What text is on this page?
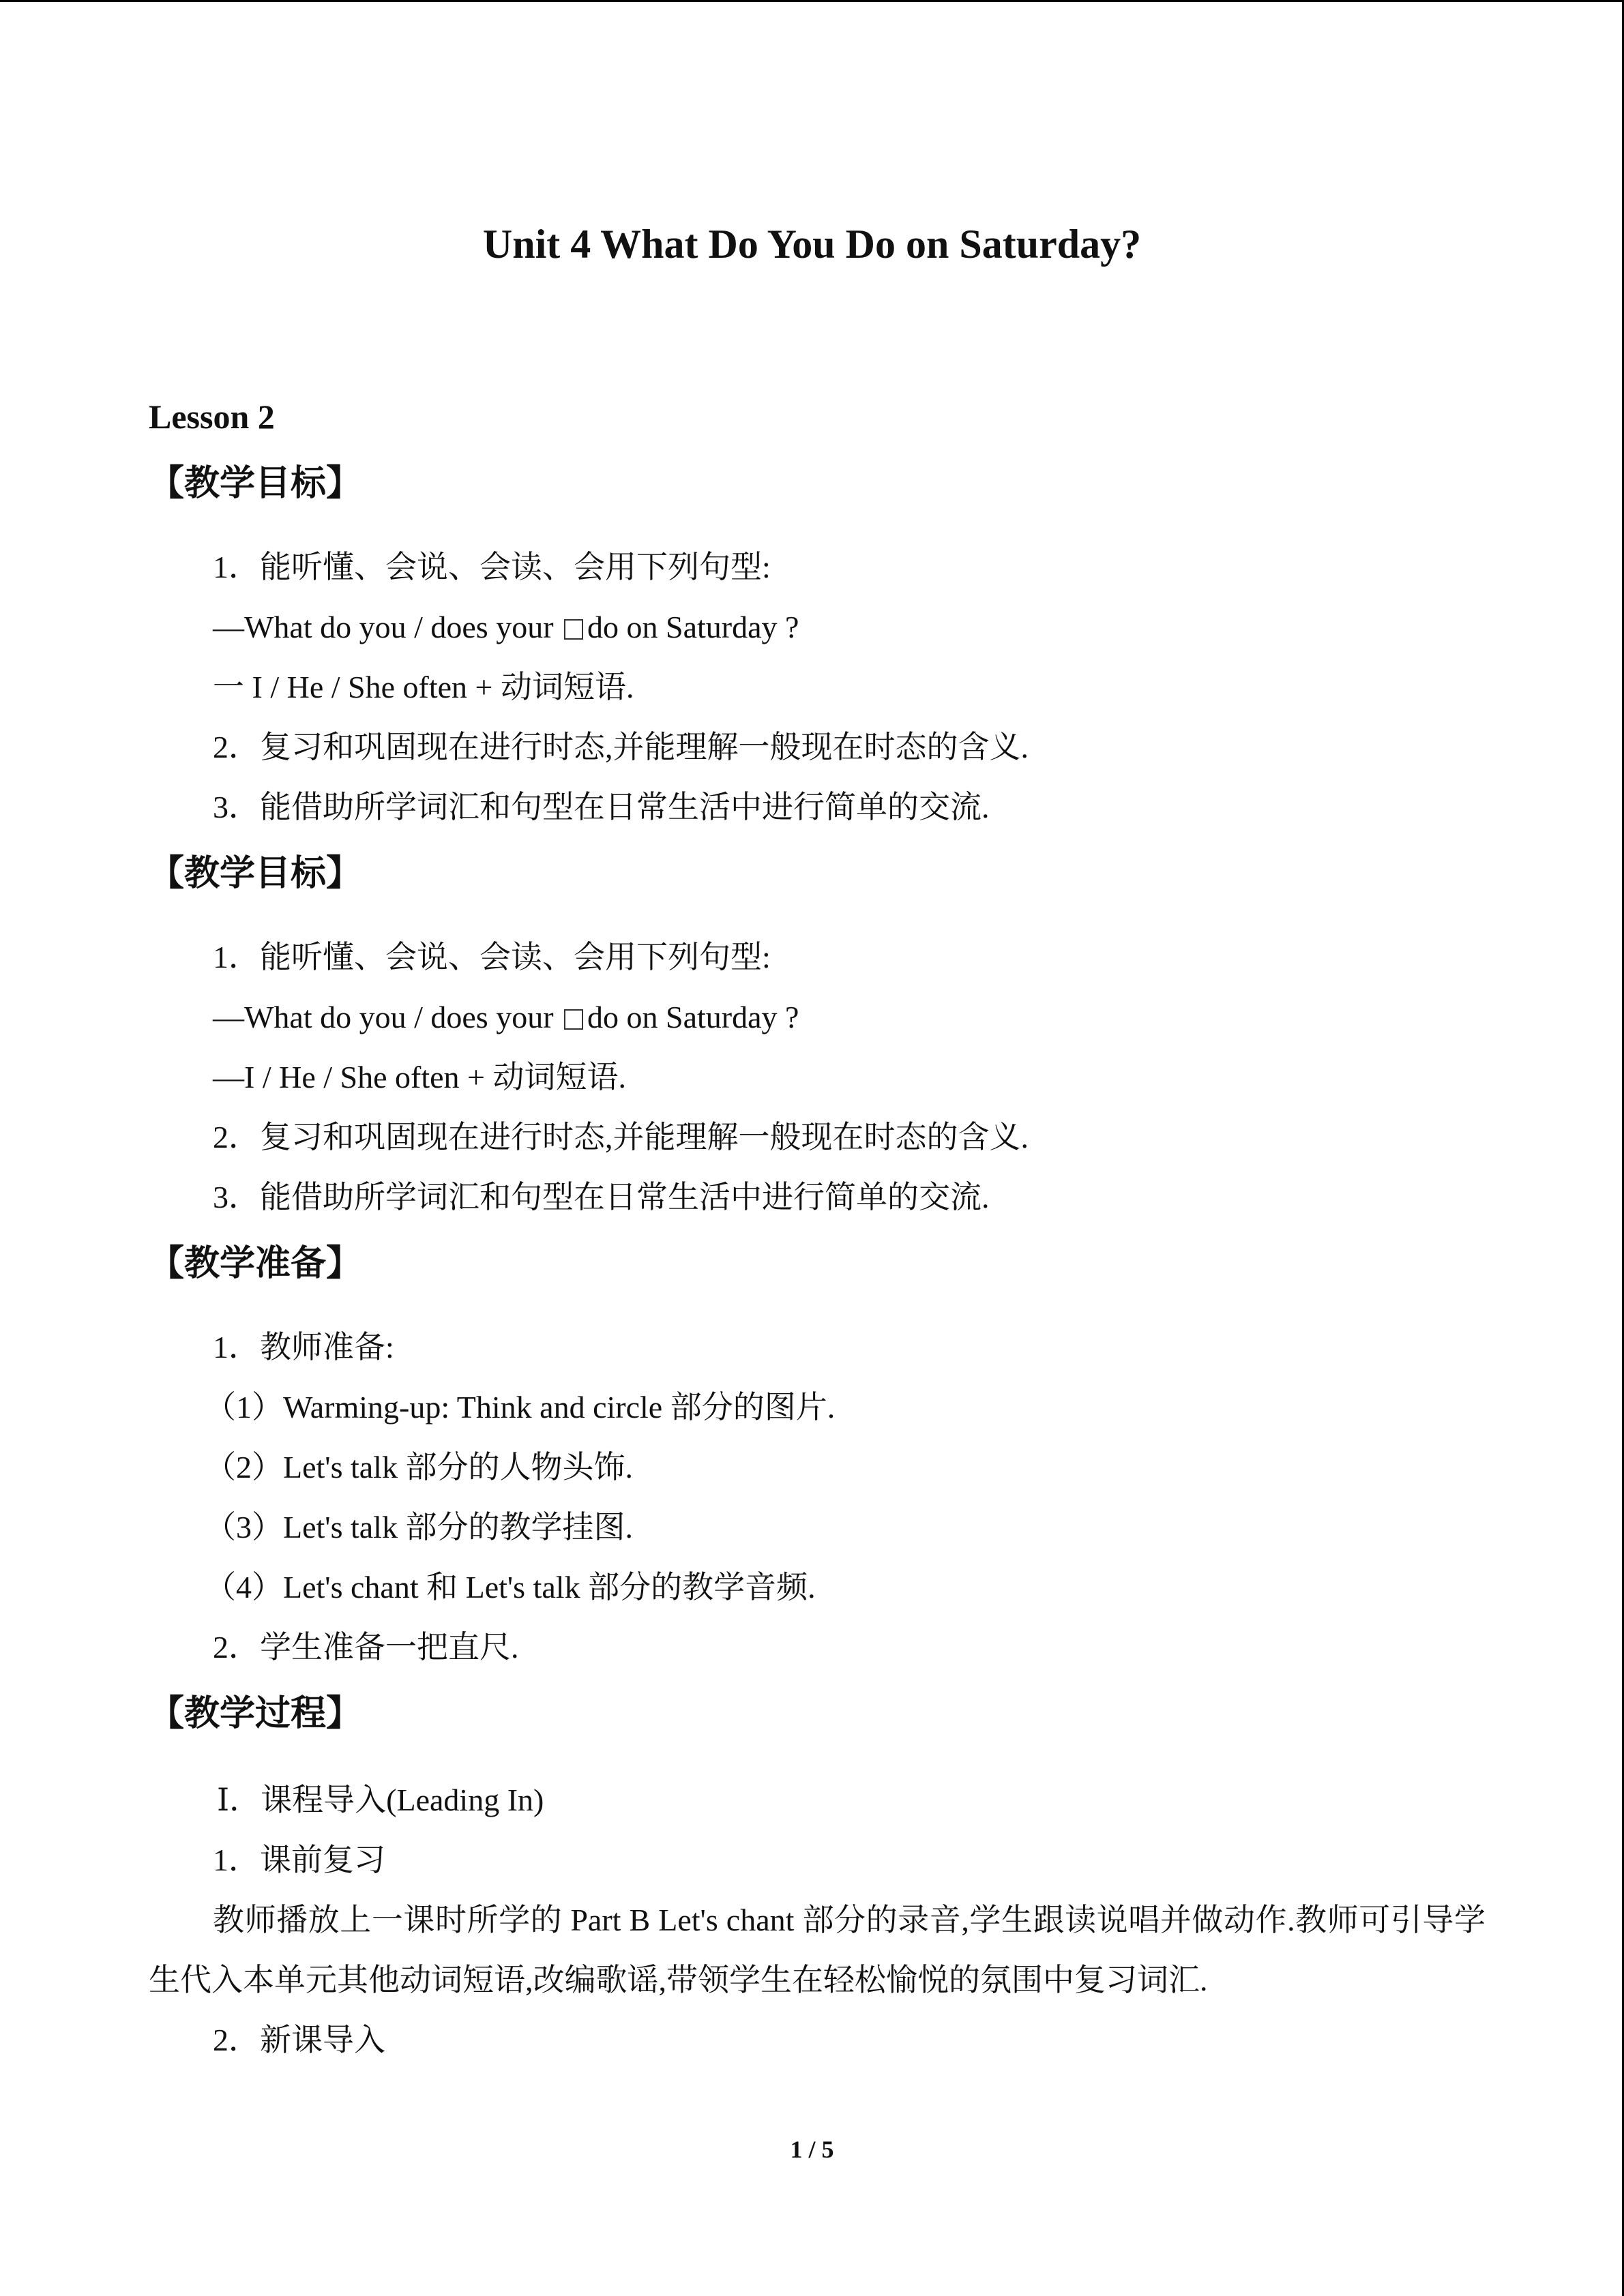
Unit 4 What Do You Do on Saturday?
Lesson 2
【教学目标】
1．能听懂、会说、会读、会用下列句型:
—What do you / does your do on Saturday ?
一 I / He / She often + 动词短语.
2．复习和巩固现在进行时态,并能理解一般现在时态的含义.
3．能借助所学词汇和句型在日常生活中进行简单的交流.
【教学目标】
1．能听懂、会说、会读、会用下列句型:
—What do you / does your do on Saturday ?
—I / He / She often + 动词短语.
2．复习和巩固现在进行时态,并能理解一般现在时态的含义.
3．能借助所学词汇和句型在日常生活中进行简单的交流.
【教学准备】
1．教师准备:
（1）Warming-up: Think and circle 部分的图片.
（2）Let's talk 部分的人物头饰.
（3）Let's talk 部分的教学挂图.
（4）Let's chant 和 Let's talk 部分的教学音频.
2．学生准备一把直尺.
【教学过程】
Ⅰ．课程导入(Leading In)
1．课前复习
教师播放上一课时所学的 Part B Let's chant 部分的录音,学生跟读说唱并做动作.教师可引导学生代入本单元其他动词短语,改编歌谣,带领学生在轻松愉悦的氛围中复习词汇.
2．新课导入
1 / 5
